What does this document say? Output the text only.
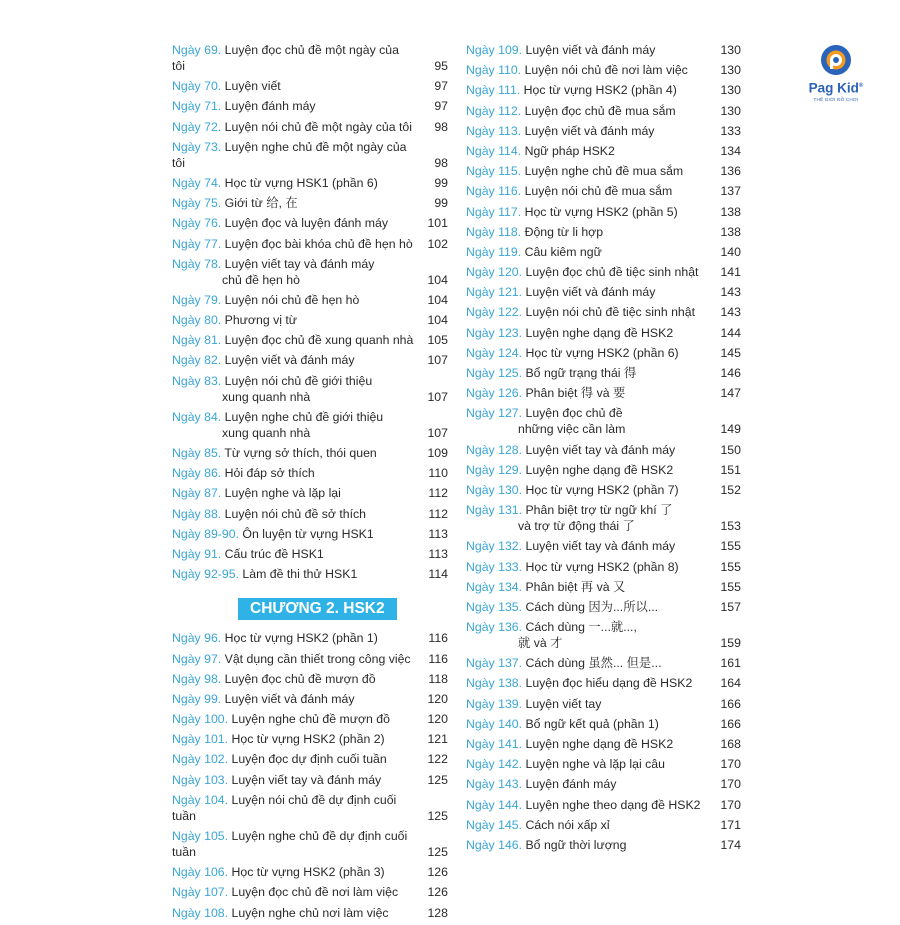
Ngày 69. Luyện đọc chủ đề một ngày của tôi	95
Ngày 70. Luyện viết	97
Ngày 71. Luyện đánh máy	97
Ngày 72. Luyện nói chủ đề một ngày của tôi 98
Ngày 73. Luyện nghe chủ đề một ngày của tôi	98
Ngày 74. Học từ vựng HSK1 (phần 6)	99
Ngày 75. Giới từ 给, 在	99
Ngày 76. Luyện đọc và luyện đánh máy	101
Ngày 77. Luyện đọc bài khóa chủ đề hẹn hò 102
Ngày 78. Luyện viết tay và đánh máy
chủ đề hẹn hò	104
Ngày 79. Luyện nói chủ đề hẹn hò	104
Ngày 80. Phương vị từ	104
Ngày 81. Luyện đọc chủ đề xung quanh nhà 105
Ngày 82. Luyện viết và đánh máy	107
Ngày 83. Luyện nói chủ đề giới thiệu
xung quanh nhà	107
Ngày 84. Luyện nghe chủ đề giới thiệu
xung quanh nhà	107
Ngày 85. Từ vựng sở thích, thói quen	109
Ngày 86. Hỏi đáp sở thích	110
Ngày 87. Luyện nghe và lặp lại	112
Ngày 88. Luyện nói chủ đề sở thích	112
Ngày 89-90. Ôn luyện từ vựng HSK1	113
Ngày 91. Cấu trúc đề HSK1	113
Ngày 92-95. Làm đề thi thử HSK1	114
CHƯƠNG 2. HSK2
Ngày 96. Học từ vựng HSK2 (phần 1)	116
Ngày 97. Vật dụng cần thiết trong công việc 116
Ngày 98. Luyện đọc chủ đề mượn đồ	118
Ngày 99. Luyện viết và đánh máy	120
Ngày 100. Luyện nghe chủ đề mượn đồ	120
Ngày 101. Học từ vựng HSK2 (phần 2)	121
Ngày 102. Luyện đọc dự định cuối tuần	122
Ngày 103. Luyện viết tay và đánh máy	125
Ngày 104. Luyện nói chủ đề dự định cuối tuần	125
Ngày 105. Luyện nghe chủ đề dự định cuối tuần	125
Ngày 106. Học từ vựng HSK2 (phần 3)	126
Ngày 107. Luyện đọc chủ đề nơi làm việc 126
Ngày 108. Luyện nghe chủ nơi làm việc	128
Ngày 109. Luyện viết và đánh máy	130
Ngày 110. Luyện nói chủ đề nơi làm việc	130
Ngày 111. Học từ vựng HSK2 (phần 4)	130
Ngày 112. Luyện đọc chủ đề mua sắm	130
Ngày 113. Luyện viết và đánh máy	133
Ngày 114. Ngữ pháp HSK2	134
Ngày 115. Luyện nghe chủ đề mua sắm	136
Ngày 116. Luyện nói chủ đề mua sắm	137
Ngày 117. Học từ vựng HSK2 (phần 5)	138
Ngày 118. Động từ li hợp	138
Ngày 119. Câu kiêm ngữ	140
Ngày 120. Luyện đọc chủ đề tiệc sinh nhật 141
Ngày 121. Luyện viết và đánh máy	143
Ngày 122. Luyện nói chủ đề tiệc sinh nhật 143
Ngày 123. Luyện nghe dạng đề HSK2	144
Ngày 124. Học từ vựng HSK2 (phần 6)	145
Ngày 125. Bổ ngữ trạng thái 得	146
Ngày 126. Phân biệt 得 và 要	147
Ngày 127. Luyện đọc chủ đề
những việc cần làm	149
Ngày 128. Luyện viết tay và đánh máy	150
Ngày 129. Luyện nghe dạng đề HSK2	151
Ngày 130. Học từ vựng HSK2 (phần 7)	152
Ngày 131. Phân biệt trợ từ ngữ khí 了
và trợ từ động thái 了	153
Ngày 132. Luyện viết tay và đánh máy	155
Ngày 133. Học từ vựng HSK2 (phần 8)	155
Ngày 134. Phân biệt 再 và 又	155
Ngày 135. Cách dùng 因为...所以...	157
Ngày 136. Cách dùng 一...就...,
就 và 才	159
Ngày 137. Cách dùng 虽然... 但是...	161
Ngày 138. Luyện đọc hiểu dạng đề HSK2 164
Ngày 139. Luyện viết tay	166
Ngày 140. Bổ ngữ kết quả (phần 1)	166
Ngày 141. Luyện nghe dạng đề HSK2	168
Ngày 142. Luyện nghe và lặp lại câu	170
Ngày 143. Luyện đánh máy	170
Ngày 144. Luyện nghe theo dạng đề HSK2 170
Ngày 145. Cách nói xấp xỉ	171
Ngày 146. Bổ ngữ thời lượng	174
Pag Kid®
THẾ GIỚI ĐỒ CHƠI
